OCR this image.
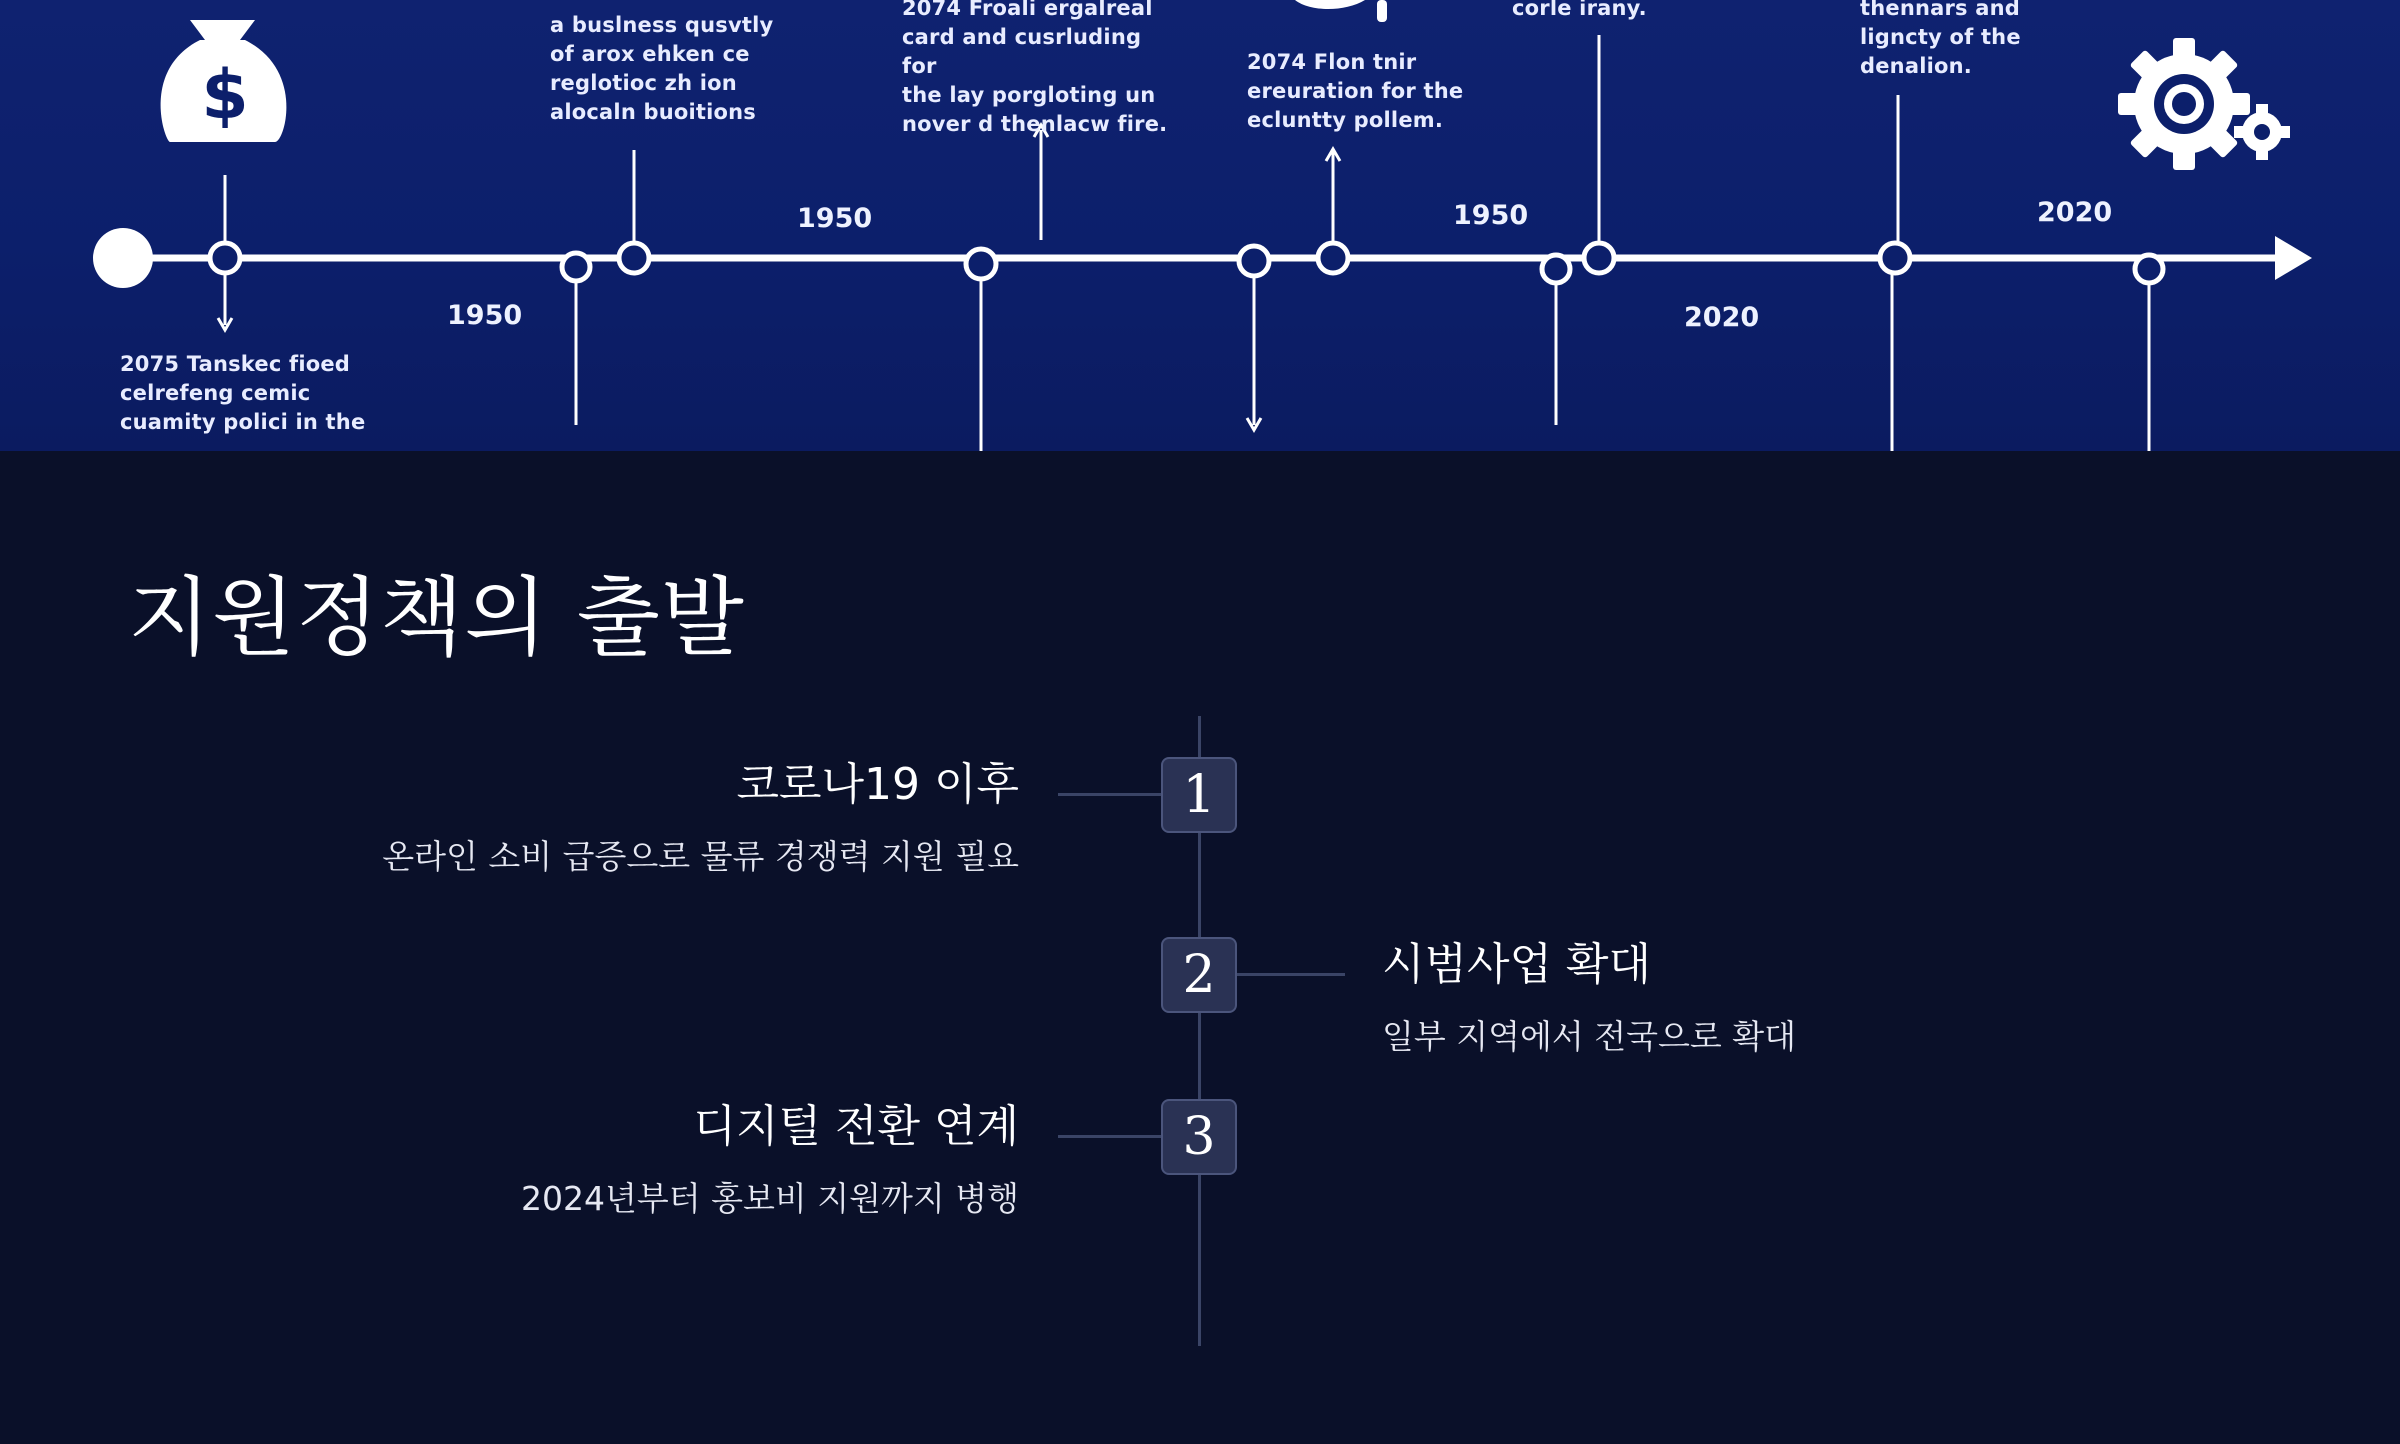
$
1950
1950	1950
2020
2020
2075 Tanskec fioed
celrefeng cemic
cuamity polici in the
a buslness qusvtly
of arox ehken ce
reglotioc zh ion
alocaln buoitions
2074 Froali ergalreal
card and cusrluding for
the lay porgloting un
nover d thenlacw fire.
2074 Flon tnir
ereuration for the
ecluntty pollem.
corle irany.	thennars and
ligncty of the
denalion.
지원정책의 출발
1
코로나19 이후
온라인 소비 급증으로 물류 경쟁력 지원 필요
2	시범사업 확대
일부 지역에서 전국으로 확대
3
디지털 전환 연계
2024년부터 홍보비 지원까지 병행
